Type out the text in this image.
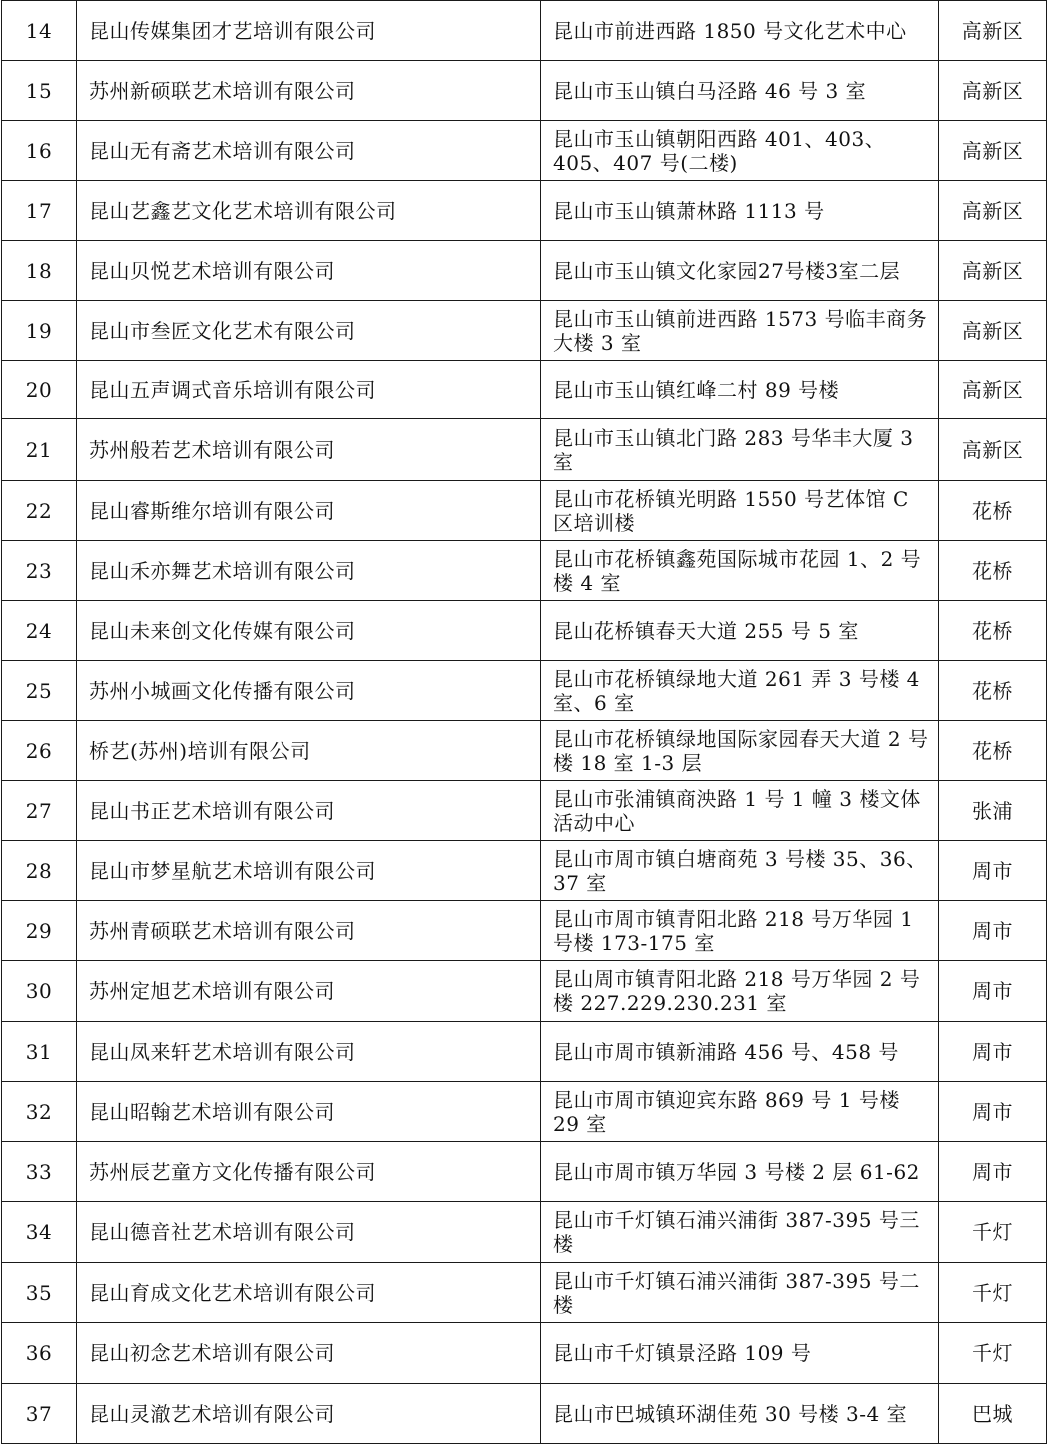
14	昆山传媒集团才艺培训有限公司	昆山市前进西路 1850 号文化艺术中心	高新区
15	苏州新硕联艺术培训有限公司	昆山市玉山镇白马泾路 46 号 3 室	高新区
16	昆山无有斋艺术培训有限公司	昆山市玉山镇朝阳西路 401、403、405、407 号(二楼)	高新区
17	昆山艺鑫艺文化艺术培训有限公司	昆山市玉山镇萧林路 1113 号	高新区
18	昆山贝悦艺术培训有限公司	昆山市玉山镇文化家园27号楼3室二层	高新区
19	昆山市叁匠文化艺术有限公司	昆山市玉山镇前进西路 1573 号临丰商务大楼 3 室	高新区
20	昆山五声调式音乐培训有限公司	昆山市玉山镇红峰二村 89 号楼	高新区
21	苏州般若艺术培训有限公司	昆山市玉山镇北门路 283 号华丰大厦 3 室	高新区
22	昆山睿斯维尔培训有限公司	昆山市花桥镇光明路 1550 号艺体馆 C 区培训楼	花桥
23	昆山禾亦舞艺术培训有限公司	昆山市花桥镇鑫苑国际城市花园 1、2 号楼 4 室	花桥
24	昆山未来创文化传媒有限公司	昆山花桥镇春天大道 255 号 5 室	花桥
25	苏州小城画文化传播有限公司	昆山市花桥镇绿地大道 261 弄 3 号楼 4 室、6 室	花桥
26	桥艺(苏州)培训有限公司	昆山市花桥镇绿地国际家园春天大道 2 号楼 18 室 1-3 层	花桥
27	昆山书正艺术培训有限公司	昆山市张浦镇商泱路 1 号 1 幢 3 楼文体活动中心	张浦
28	昆山市梦星航艺术培训有限公司	昆山市周市镇白塘商苑 3 号楼 35、36、37 室	周市
29	苏州青硕联艺术培训有限公司	昆山市周市镇青阳北路 218 号万华园 1 号楼 173-175 室	周市
30	苏州定旭艺术培训有限公司	昆山周市镇青阳北路 218 号万华园 2 号楼 227.229.230.231 室	周市
31	昆山凤来轩艺术培训有限公司	昆山市周市镇新浦路 456 号、458 号	周市
32	昆山昭翰艺术培训有限公司	昆山市周市镇迎宾东路 869 号 1 号楼 29 室	周市
33	苏州辰艺童方文化传播有限公司	昆山市周市镇万华园 3 号楼 2 层 61-62	周市
34	昆山德音社艺术培训有限公司	昆山市千灯镇石浦兴浦街 387-395 号三楼	千灯
35	昆山育成文化艺术培训有限公司	昆山市千灯镇石浦兴浦街 387-395 号二楼	千灯
36	昆山初念艺术培训有限公司	昆山市千灯镇景泾路 109 号	千灯
37	昆山灵澈艺术培训有限公司	昆山市巴城镇环湖佳苑 30 号楼 3-4 室	巴城
